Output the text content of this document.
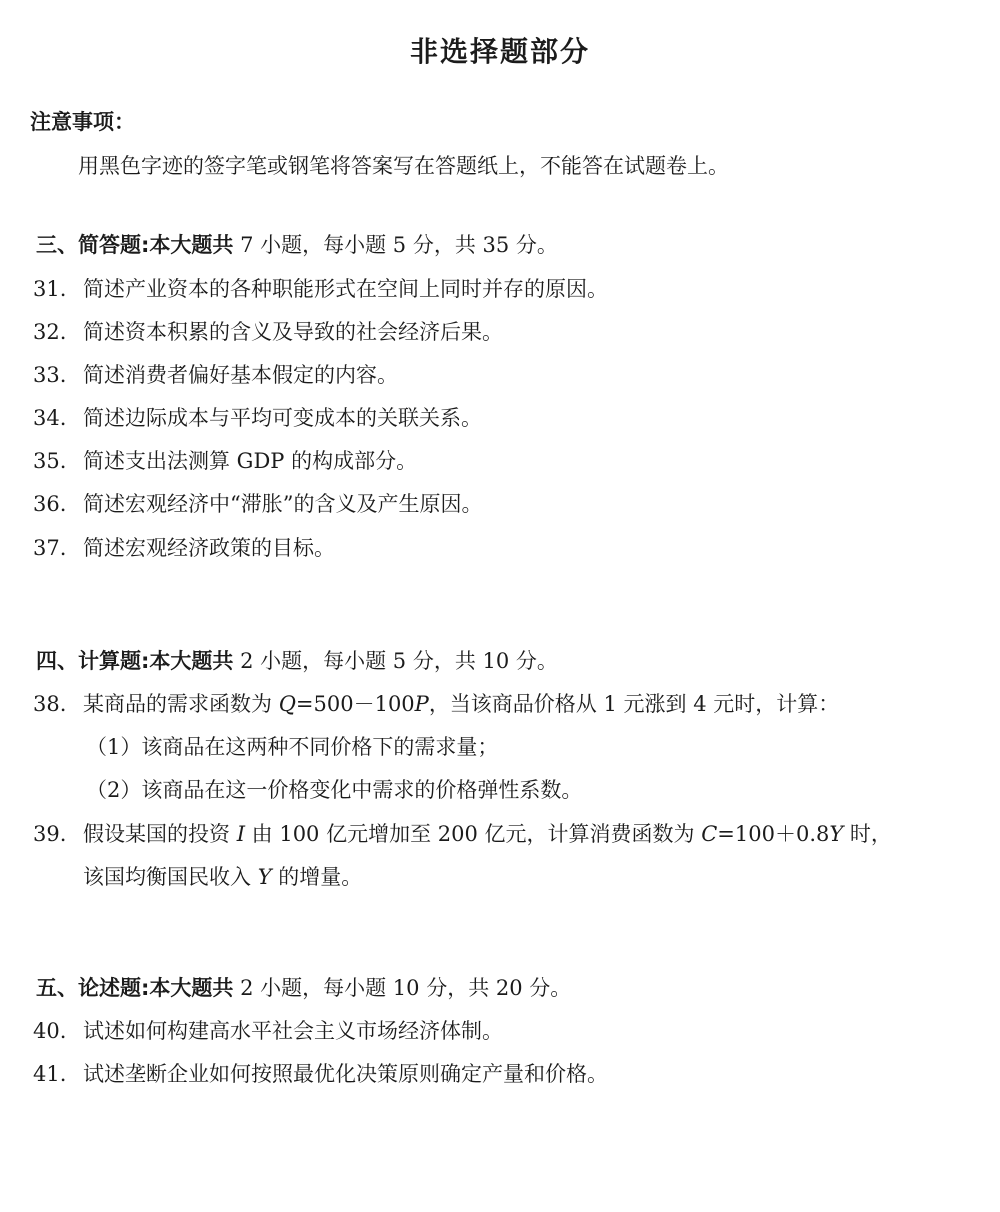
非选择题部分
注意事项：
用黑色字迹的签字笔或钢笔将答案写在答题纸上，不能答在试题卷上。
三、简答题:本大题共 7 小题，每小题 5 分，共 35 分。
31. 简述产业资本的各种职能形式在空间上同时并存的原因。
32. 简述资本积累的含义及导致的社会经济后果。
33. 简述消费者偏好基本假定的内容。
34. 简述边际成本与平均可变成本的关联关系。
35. 简述支出法测算 GDP 的构成部分。
36. 简述宏观经济中“滞胀”的含义及产生原因。
37. 简述宏观经济政策的目标。
四、计算题:本大题共 2 小题，每小题 5 分，共 10 分。
38. 某商品的需求函数为 Q=500－100P，当该商品价格从 1 元涨到 4 元时，计算：
（1）该商品在这两种不同价格下的需求量；
（2）该商品在这一价格变化中需求的价格弹性系数。
39. 假设某国的投资 I 由 100 亿元增加至 200 亿元，计算消费函数为 C=100＋0.8Y 时，
该国均衡国民收入 Y 的增量。
五、论述题:本大题共 2 小题，每小题 10 分，共 20 分。
40. 试述如何构建高水平社会主义市场经济体制。
41. 试述垄断企业如何按照最优化决策原则确定产量和价格。
